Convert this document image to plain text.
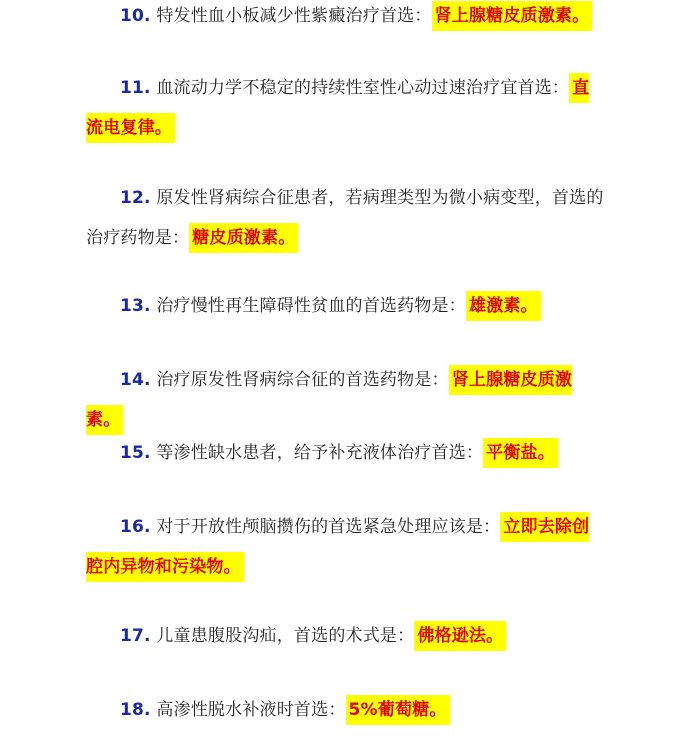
10. 特发性血小板减少性紫癜治疗首选： 肾上腺糖皮质激素。
11. 血流动力学不稳定的持续性室性心动过速治疗宜首选： 直流电复律。
12. 原发性肾病综合征患者，若病理类型为微小病变型，首选的治疗药物是： 糖皮质激素。
13. 治疗慢性再生障碍性贫血的首选药物是： 雄激素。
14. 治疗原发性肾病综合征的首选药物是： 肾上腺糖皮质激素。
15. 等渗性缺水患者，给予补充液体治疗首选： 平衡盐。
16. 对于开放性颅脑攒伤的首选紧急处理应该是： 立即去除创腔内异物和污染物。
17. 儿童患腹股沟疝，首选的术式是： 佛格逊法。
18. 高渗性脱水补液时首选： 5%葡萄糖。
